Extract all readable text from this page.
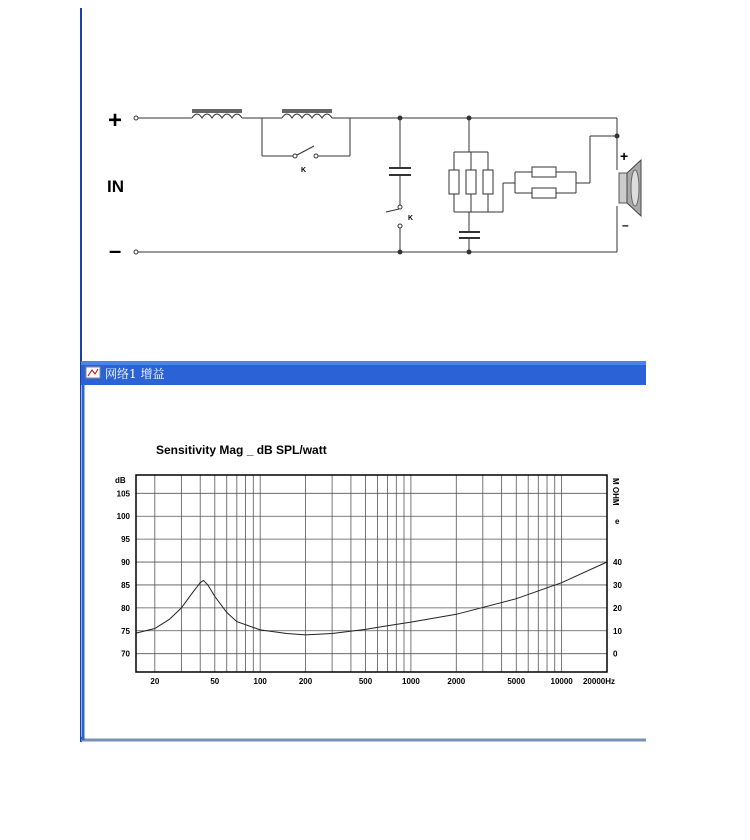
+
IN
–
K
K
+
–
网络1 增益
Sensitivity Mag _ dB SPL/watt
dB	M OHM
e
70
75
80
85
90
95
100
105
0
10
20
30
40
20	50	100	200	500	1000	2000	5000	10000 20000Hz
